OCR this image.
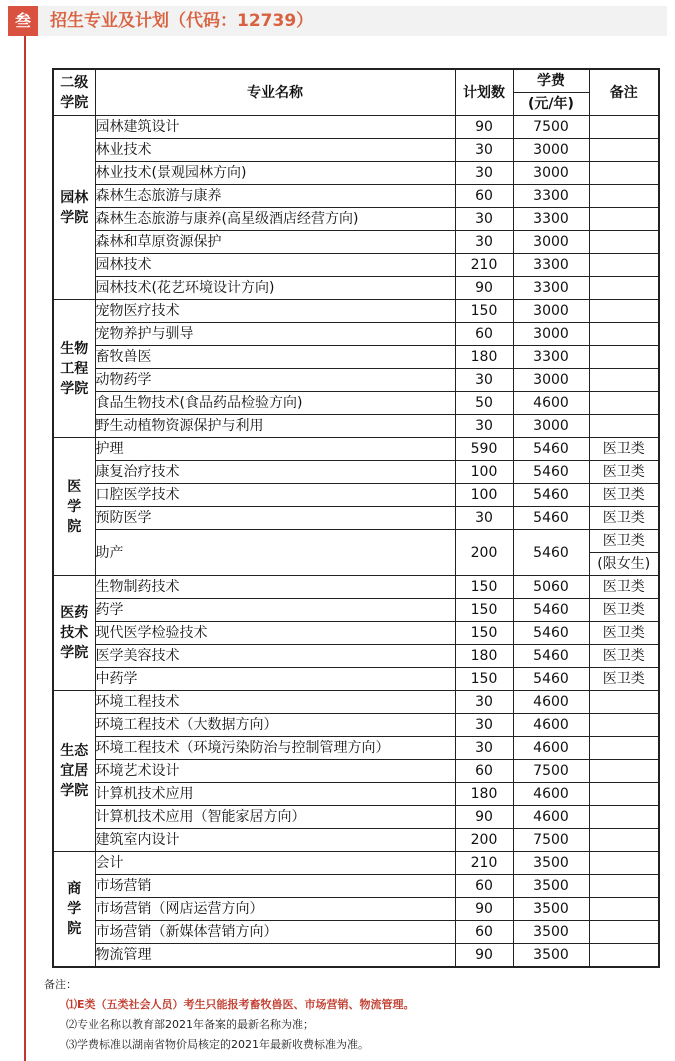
叁	招生专业及计划（代码：12739）
二级
学院	专业名称	计划数	学费	备注
			(元/年)	

园林
学院	园林建筑设计	90	7500	
	林业技术	30	3000	
	林业技术(景观园林方向)	30	3000	
	森林生态旅游与康养	60	3300	
	森林生态旅游与康养(高星级酒店经营方向)	30	3300	
	森林和草原资源保护	30	3000	
	园林技术	210	3300	
	园林技术(花艺环境设计方向)	90	3300	

生物
工程
学院	宠物医疗技术	150	3000	
	宠物养护与驯导	60	3000	
	畜牧兽医	180	3300	
	动物药学	30	3000	
	食品生物技术(食品药品检验方向)	50	4600	
	野生动植物资源保护与利用	30	3000	

医
学
院	护理	590	5460	医卫类
	康复治疗技术	100	5460	医卫类
	口腔医学技术	100	5460	医卫类
	预防医学	30	5460	医卫类
	助产	200	5460	医卫类
(限女生)

医药
技术
学院	生物制药技术	150	5060	医卫类
	药学	150	5460	医卫类
	现代医学检验技术	150	5460	医卫类
	医学美容技术	180	5460	医卫类
	中药学	150	5460	医卫类

生态
宜居
学院	环境工程技术	30	4600	
	环境工程技术（大数据方向）	30	4600	
	环境工程技术（环境污染防治与控制管理方向）	30	4600	
	环境艺术设计	60	7500	
	计算机技术应用	180	4600	
	计算机技术应用（智能家居方向）	90	4600	
	建筑室内设计	200	7500	

商
学
院	会计	210	3500	
	市场营销	60	3500	
	市场营销（网店运营方向）	90	3500	
	市场营销（新媒体营销方向）	60	3500	
	物流管理	90	3500	
备注：
⑴E类（五类社会人员）考生只能报考畜牧兽医、市场营销、物流管理。
⑵专业名称以教育部2021年备案的最新名称为准；
⑶学费标准以湖南省物价局核定的2021年最新收费标准为准。
